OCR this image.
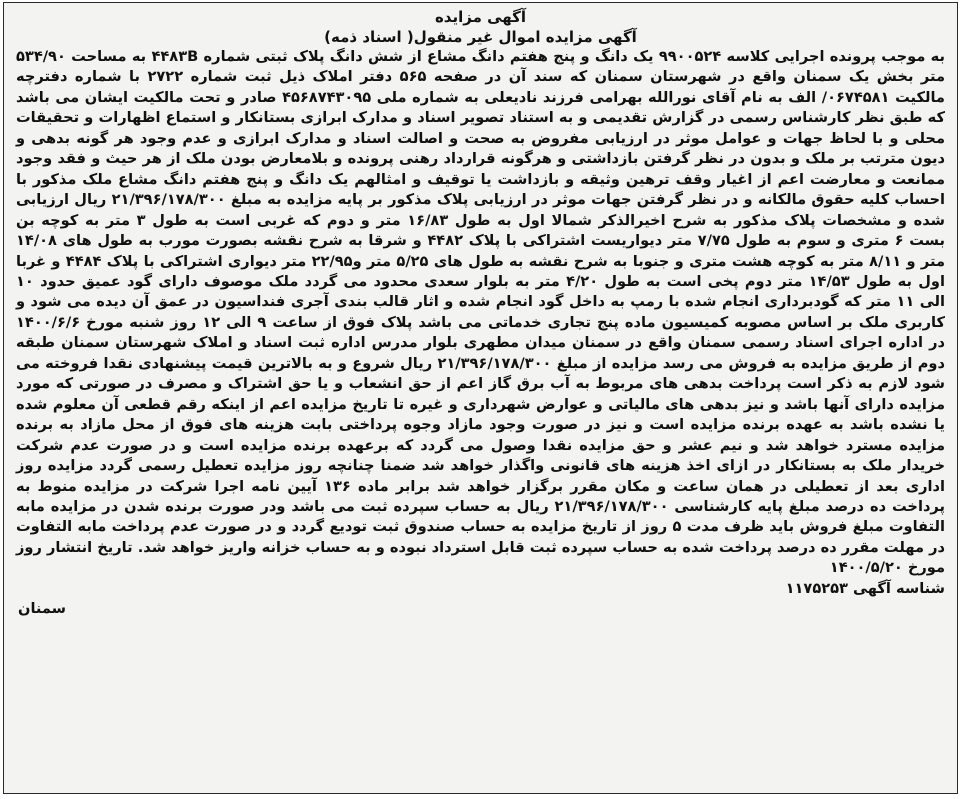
آگهی مزایده

آگهی مزایده اموال غیر منقول( اسناد ذمه)

به موجب پرونده اجرایی کلاسه ۹۹۰۰۵۲۴ یک دانگ و پنج هفتم دانگ مشاع از شش دانگ پلاک ثبتی شماره ۴۴۸۳B به مساحت ۵۳۴/۹۰ متر بخش یک سمنان واقع در شهرستان سمنان که سند آن در صفحه ۵۶۵ دفتر املاک ذیل ثبت شماره ۲۷۲۲ با شماره دفترچه مالکیت ۰۶۷۴۵۸۱/ الف به نام آقای نورالله بهرامی فرزند نادیعلی به شماره ملی ۴۵۶۸۷۴۳۰۹۵ صادر و تحت مالکیت ایشان می باشد که طبق نظر کارشناس رسمی در گزارش تقدیمی و به استناد تصویر اسناد و مدارک ابرازی بستانکار و استماع اظهارات و تحقیقات محلی و با لحاظ جهات و عوامل موثر در ارزیابی مفروض به صحت و اصالت اسناد و مدارک ابرازی و عدم وجود هر گونه بدهی و دیون مترتب بر ملک و بدون در نظر گرفتن بازداشتی و هرگونه قرارداد رهنی پرونده و بلامعارض بودن ملک از هر حیث و فقد وجود ممانعت و معارضت اعم از اغیار وقف ترهین وثیقه و بازداشت یا توقیف و امثالهم یک دانگ و پنج هفتم دانگ مشاع ملک مذکور با احساب کلیه حقوق مالکانه و در نظر گرفتن جهات موثر در ارزیابی پلاک مذکور بر پایه مزایده به مبلغ ۲۱/۳۹۶/۱۷۸/۳۰۰ ریال ارزیابی شده و مشخصات پلاک مذکور به شرح اخیرالذکر شمالا اول به طول ۱۶/۸۳ متر و دوم که غربی است به طول ۳ متر به کوچه بن بست ۶ متری و سوم به طول ۷/۷۵ متر دیواریست اشتراکی با پلاک ۴۴۸۲ و شرقا به شرح نقشه بصورت مورب به طول های ۱۴/۰۸ متر و ۸/۱۱ متر به کوچه هشت متری و جنوبا به شرح نقشه به طول های ۵/۲۵ متر و۲۲/۹۵ متر دیواری اشتراکی با پلاک ۴۴۸۴ و غربا اول به طول ۱۴/۵۳ متر دوم پخی است به طول ۴/۲۰ متر به بلوار سعدی محدود می گردد ملک موصوف دارای گود عمیق حدود ۱۰ الی ۱۱ متر که گودبرداری انجام شده با رمپ به داخل گود انجام شده و اثار قالب بندی آجری فنداسیون در عمق آن دیده می شود و کاربری ملک بر اساس مصوبه کمیسیون ماده پنج تجاری خدماتی می باشد پلاک فوق از ساعت ۹ الی ۱۲ روز شنبه مورخ ۱۴۰۰/۶/۶ در اداره اجرای اسناد رسمی سمنان واقع در سمنان میدان مطهری بلوار مدرس اداره ثبت اسناد و املاک شهرستان سمنان طبقه دوم از طریق مزایده به فروش می رسد مزایده از مبلغ ۲۱/۳۹۶/۱۷۸/۳۰۰ ریال شروع و به بالاترین قیمت پیشنهادی نقدا فروخته می شود لازم به ذکر است پرداخت بدهی های مربوط به آب برق گاز اعم از حق انشعاب و یا حق اشتراک و مصرف در صورتی که مورد مزایده دارای آنها باشد و نیز بدهی های مالیاتی و عوارض شهرداری و غیره تا تاریخ مزایده اعم از اینکه رقم قطعی آن معلوم شده یا نشده باشد به عهده برنده مزایده است و نیز در صورت وجود مازاد وجوه پرداختی بابت هزینه های فوق از محل مازاد به برنده مزایده مسترد خواهد شد و نیم عشر و حق مزایده نقدا وصول می گردد که برعهده برنده مزایده است و در صورت عدم شرکت خریدار ملک به بستانکار در ازای اخذ هزینه های قانونی واگذار خواهد شد ضمنا چنانچه روز مزایده تعطیل رسمی گردد مزایده روز اداری بعد از تعطیلی در همان ساعت و مکان مقرر برگزار خواهد شد برابر ماده ۱۳۶ آیین نامه اجرا شرکت در مزایده منوط به پرداخت ده درصد مبلغ پایه کارشناسی ۲۱/۳۹۶/۱۷۸/۳۰۰ ریال به حساب سپرده ثبت می باشد ودر صورت برنده شدن در مزایده مابه التفاوت مبلغ فروش باید ظرف مدت ۵ روز از تاریخ مزایده به حساب صندوق ثبت تودیع گردد و در صورت عدم پرداخت مابه التفاوت در مهلت مقرر ده درصد پرداخت شده به حساب سپرده ثبت قابل استرداد نبوده و به حساب خزانه واریز خواهد شد. تاریخ انتشار روز مورخ ۱۴۰۰/۵/۲۰

شناسه آگهی ۱۱۷۵۲۵۳

سمنان
